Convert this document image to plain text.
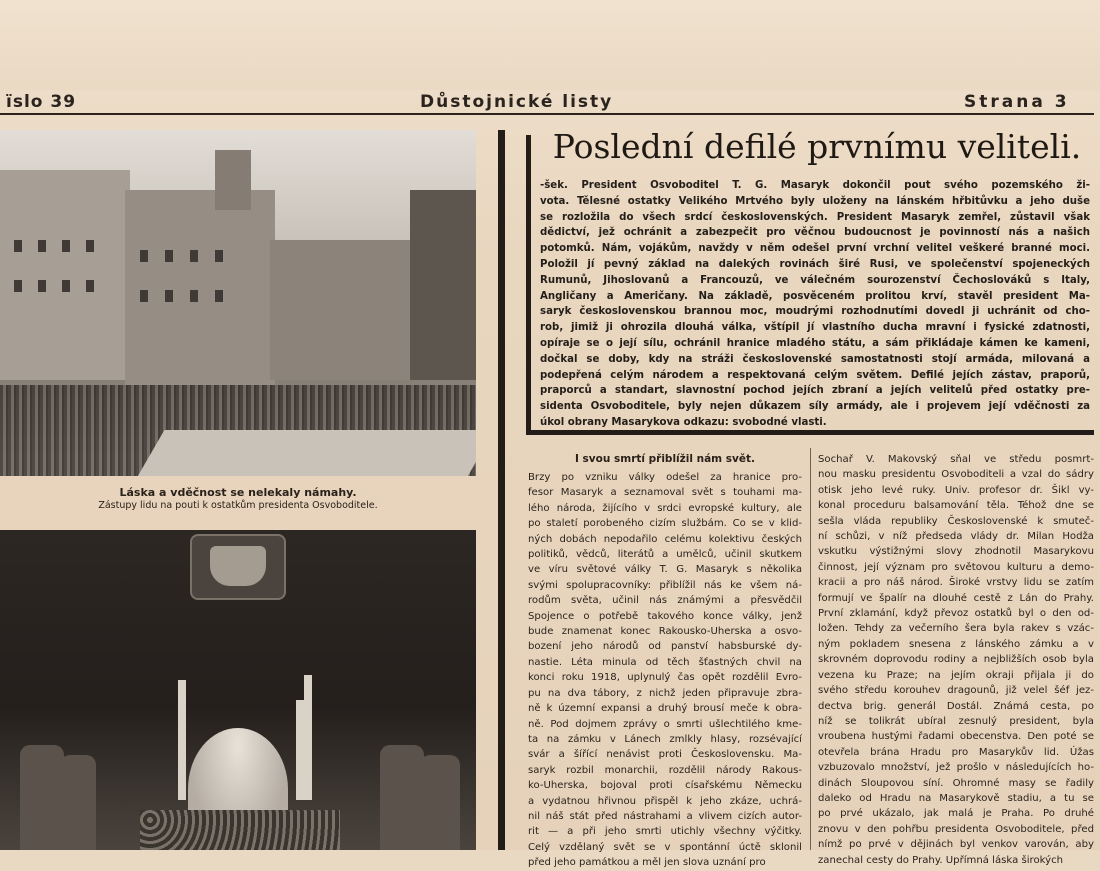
ïslo 39	Důstojnické listy	Strana 3
Láska a vděčnost se nelekaly námahy.
Zástupy lidu na pouti k ostatkům presidenta Osvoboditele.
Poslední defilé prvnímu veliteli.
-šek. President Osvoboditel T. G. Masaryk dokončil pout svého pozemského ži-
vota. Tělesné ostatky Velikého Mrtvého byly uloženy na lánském hřbitůvku a jeho duše
se rozložila do všech srdcí československých. President Masaryk zemřel, zůstavil však
dědictví, jež ochránit a zabezpečit pro věčnou budoucnost je povinností nás a našich
potomků. Nám, vojákům, navždy v něm odešel první vrchní velitel veškeré branné moci.
Položil jí pevný základ na dalekých rovinách širé Rusi, ve společenství spojeneckých
Rumunů, Jihoslovanů a Francouzů, ve válečném sourozenství Čechoslováků s Italy,
Angličany a Američany. Na základě, posvěceném prolitou krví, stavěl president Ma-
saryk československou brannou moc, moudrými rozhodnutími dovedl ji uchránit od cho-
rob, jimiž ji ohrozila dlouhá válka, vštípil jí vlastního ducha mravní i fysické zdatnosti,
opíraje se o její sílu, ochránil hranice mladého státu, a sám přikládaje kámen ke kameni,
dočkal se doby, kdy na stráži československé samostatnosti stojí armáda, milovaná a
podepřená celým národem a respektovaná celým světem. Defilé jejích zástav, praporů,
praporců a standart, slavnostní pochod jejích zbraní a jejích velitelů před ostatky pre-
sidenta Osvoboditele, byly nejen důkazem síly armády, ale i projevem její vděčnosti za
úkol obrany Masarykova odkazu: svobodné vlasti.
I svou smrtí přiblížil nám svět.
Brzy po vzniku války odešel za hranice pro-
fesor Masaryk a seznamoval svět s touhami ma-
lého národa, žijícího v srdci evropské kultury, ale
po staletí porobeného cizím službám. Co se v klid-
ných dobách nepodařilo celému kolektivu českých
politiků, vědců, literátů a umělců, učinil skutkem
ve víru světové války T. G. Masaryk s několika
svými spolupracovníky: přiblížil nás ke všem ná-
rodům světa, učinil nás známými a přesvědčil
Spojence o potřebě takového konce války, jenž
bude znamenat konec Rakousko-Uherska a osvo-
bození jeho národů od panství habsburské dy-
nastie. Léta minula od těch šťastných chvil na
konci roku 1918, uplynulý čas opět rozdělil Evro-
pu na dva tábory, z nichž jeden připravuje zbra-
ně k územní expansi a druhý brousí meče k obra-
ně. Pod dojmem zprávy o smrti ušlechtilého kme-
ta na zámku v Lánech zmlkly hlasy, rozsévající
svár a šířící nenávist proti Československu. Ma-
saryk rozbil monarchii, rozdělil národy Rakous-
ko-Uherska, bojoval proti císařskému Německu
a vydatnou hřivnou přispěl k jeho zkáze, uchrá-
nil náš stát před nástrahami a vlivem cizích autor-
rit — a při jeho smrti utichly všechny výčitky.
Celý vzdělaný svět se v spontánní úctě sklonil
před jeho památkou a měl jen slova uznání pro
Sochař V. Makovský sňal ve středu posmrt-
nou masku presidentu Osvoboditeli a vzal do sádry
otisk jeho levé ruky. Univ. profesor dr. Šikl vy-
konal proceduru balsamování těla. Téhož dne se
sešla vláda republiky Československé k smuteč-
ní schůzi, v níž předseda vlády dr. Milan Hodža
vskutku výstižnými slovy zhodnotil Masarykovu
činnost, její význam pro světovou kulturu a demo-
kracii a pro náš národ. Široké vrstvy lidu se zatím
formují ve špalír na dlouhé cestě z Lán do Prahy.
První zklamání, když převoz ostatků byl o den od-
ložen. Tehdy za večerního šera byla rakev s vzác-
ným pokladem snesena z lánského zámku a v
skrovném doprovodu rodiny a nejbližších osob byla
vezena ku Praze; na jejím okraji přijala ji do
svého středu korouhev dragounů, již velel šéf jez-
dectva brig. generál Dostál. Známá cesta, po
níž se tolikrát ubíral zesnulý president, byla
vroubena hustými řadami obecenstva. Den poté se
otevřela brána Hradu pro Masarykův lid. Úžas
vzbuzovalo množství, jež prošlo v následujících ho-
dinách Sloupovou síní. Ohromné masy se řadily
daleko od Hradu na Masarykově stadiu, a tu se
po prvé ukázalo, jak malá je Praha. Po druhé
znovu v den pohřbu presidenta Osvoboditele, před
nímž po prvé v dějinách byl venkov varován, aby
zanechal cesty do Prahy. Upřímná láska širokých
